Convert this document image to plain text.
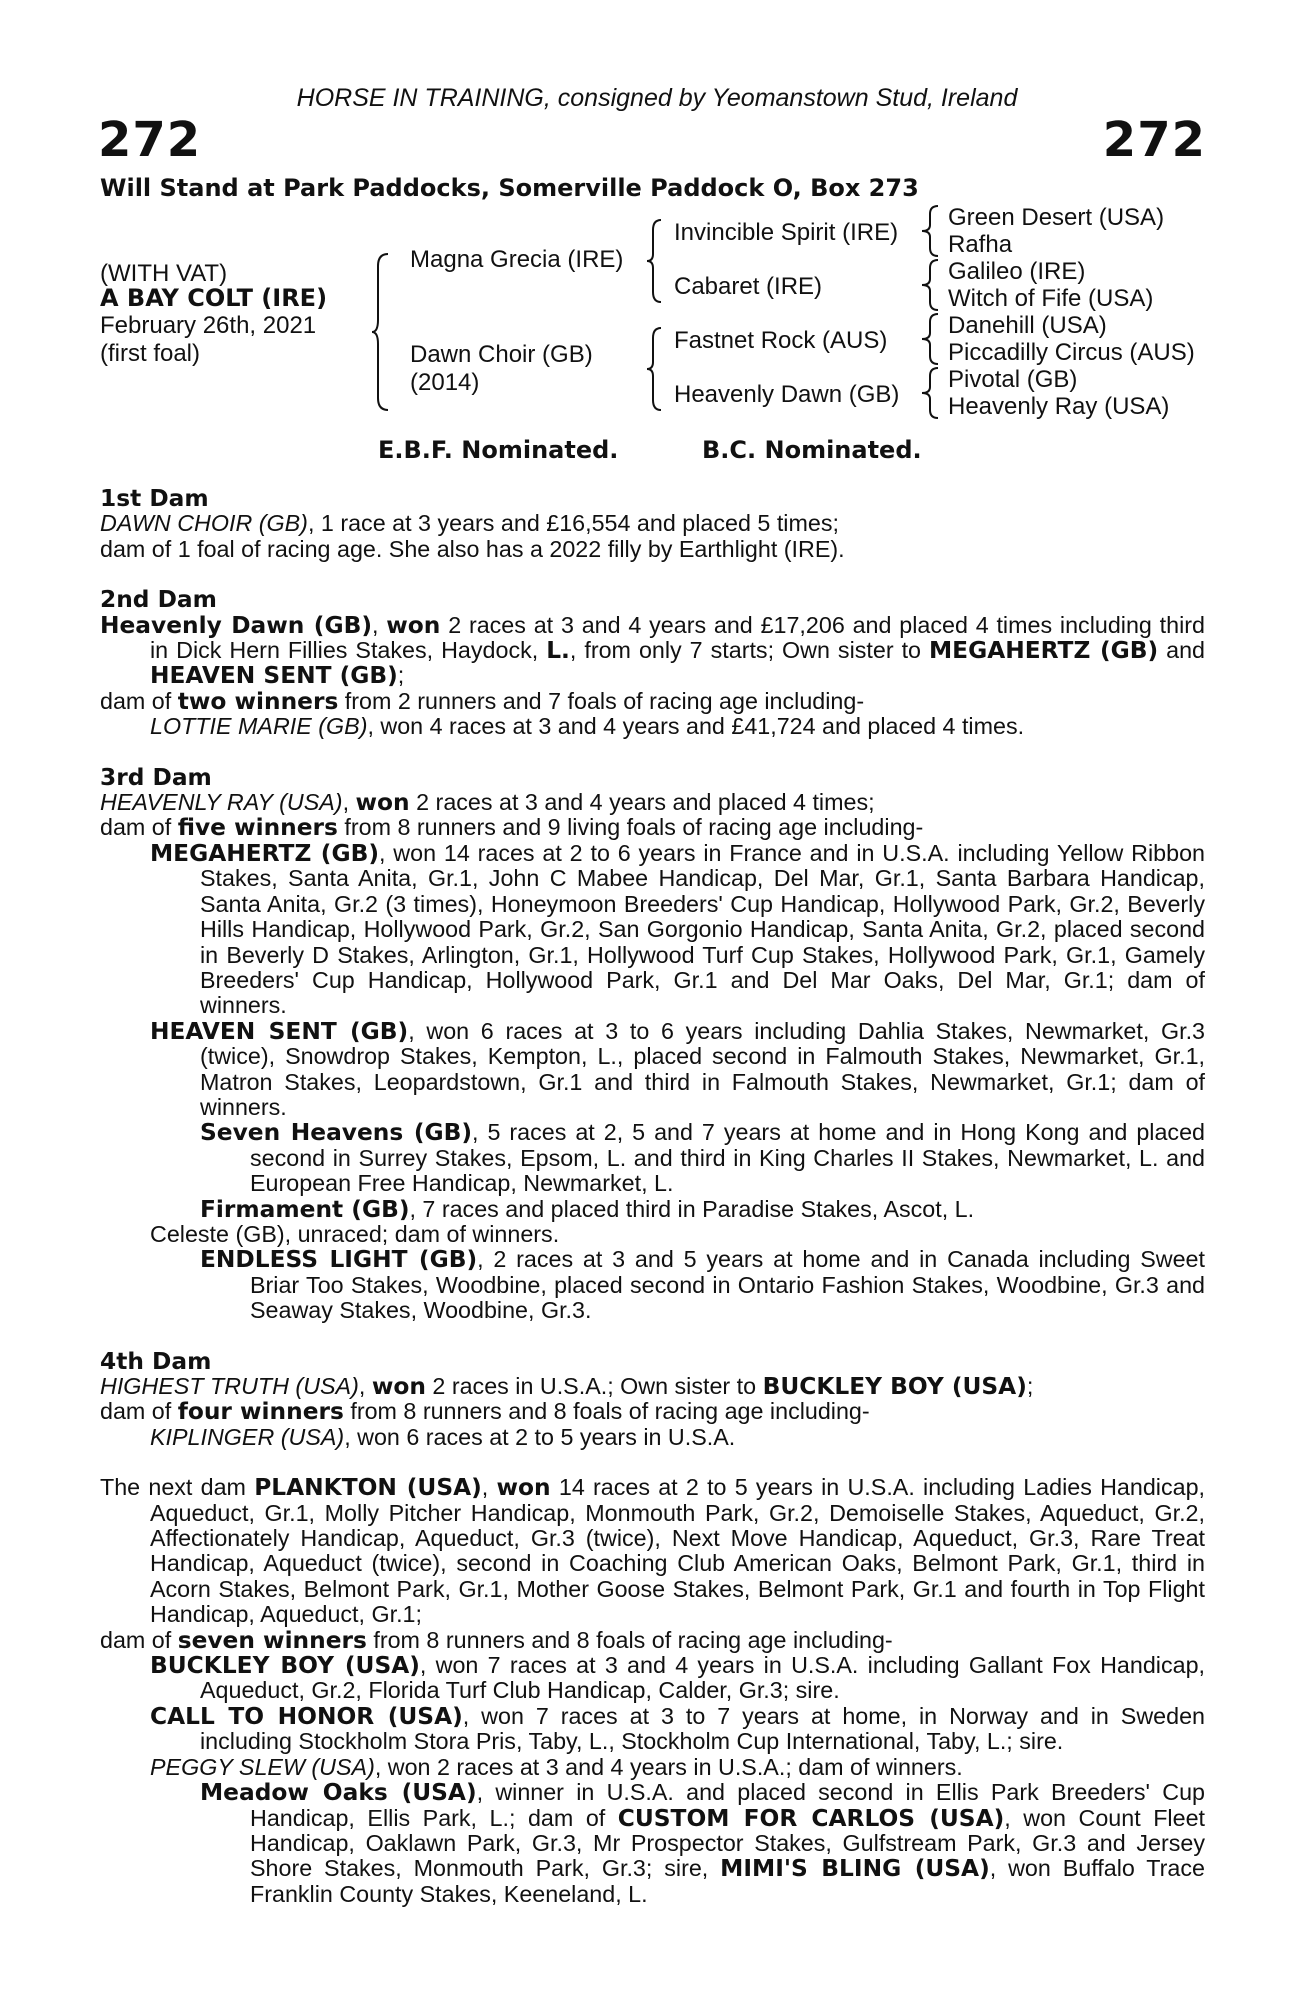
HORSE IN TRAINING, consigned by Yeomanstown Stud, Ireland
272	272
Will Stand at Park Paddocks, Somerville Paddock O, Box 273
(WITH VAT)
A BAY COLT (IRE)
February 26th, 2021
(first foal)
Magna Grecia (IRE)
Dawn Choir (GB)
(2014)
Invincible Spirit (IRE)
Cabaret (IRE)
Fastnet Rock (AUS)
Heavenly Dawn (GB)
Green Desert (USA)
Rafha
Galileo (IRE)
Witch of Fife (USA)
Danehill (USA)
Piccadilly Circus (AUS)
Pivotal (GB)
Heavenly Ray (USA)
E.B.F. Nominated.	B.C. Nominated.
1st Dam
DAWN CHOIR (GB), 1 race at 3 years and £16,554 and placed 5 times;
dam of 1 foal of racing age. She also has a 2022 filly by Earthlight (IRE).
2nd Dam
Heavenly Dawn (GB), won 2 races at 3 and 4 years and £17,206 and placed 4 times including third in Dick Hern Fillies Stakes, Haydock, L., from only 7 starts; Own sister to MEGAHERTZ (GB) and HEAVEN SENT (GB);
dam of two winners from 2 runners and 7 foals of racing age including-
LOTTIE MARIE (GB), won 4 races at 3 and 4 years and £41,724 and placed 4 times.
3rd Dam
HEAVENLY RAY (USA), won 2 races at 3 and 4 years and placed 4 times;
dam of five winners from 8 runners and 9 living foals of racing age including-
MEGAHERTZ (GB), won 14 races at 2 to 6 years in France and in U.S.A. including Yellow Ribbon Stakes, Santa Anita, Gr.1, John C Mabee Handicap, Del Mar, Gr.1, Santa Barbara Handicap, Santa Anita, Gr.2 (3 times), Honeymoon Breeders' Cup Handicap, Hollywood Park, Gr.2, Beverly Hills Handicap, Hollywood Park, Gr.2, San Gorgonio Handicap, Santa Anita, Gr.2, placed second in Beverly D Stakes, Arlington, Gr.1, Hollywood Turf Cup Stakes, Hollywood Park, Gr.1, Gamely Breeders' Cup Handicap, Hollywood Park, Gr.1 and Del Mar Oaks, Del Mar, Gr.1; dam of winners.
HEAVEN SENT (GB), won 6 races at 3 to 6 years including Dahlia Stakes, Newmarket, Gr.3 (twice), Snowdrop Stakes, Kempton, L., placed second in Falmouth Stakes, Newmarket, Gr.1, Matron Stakes, Leopardstown, Gr.1 and third in Falmouth Stakes, Newmarket, Gr.1; dam of winners.
Seven Heavens (GB), 5 races at 2, 5 and 7 years at home and in Hong Kong and placed second in Surrey Stakes, Epsom, L. and third in King Charles II Stakes, Newmarket, L. and European Free Handicap, Newmarket, L.
Firmament (GB), 7 races and placed third in Paradise Stakes, Ascot, L.
Celeste (GB), unraced; dam of winners.
ENDLESS LIGHT (GB), 2 races at 3 and 5 years at home and in Canada including Sweet Briar Too Stakes, Woodbine, placed second in Ontario Fashion Stakes, Woodbine, Gr.3 and Seaway Stakes, Woodbine, Gr.3.
4th Dam
HIGHEST TRUTH (USA), won 2 races in U.S.A.; Own sister to BUCKLEY BOY (USA);
dam of four winners from 8 runners and 8 foals of racing age including-
KIPLINGER (USA), won 6 races at 2 to 5 years in U.S.A.
The next dam PLANKTON (USA), won 14 races at 2 to 5 years in U.S.A. including Ladies Handicap, Aqueduct, Gr.1, Molly Pitcher Handicap, Monmouth Park, Gr.2, Demoiselle Stakes, Aqueduct, Gr.2, Affectionately Handicap, Aqueduct, Gr.3 (twice), Next Move Handicap, Aqueduct, Gr.3, Rare Treat Handicap, Aqueduct (twice), second in Coaching Club American Oaks, Belmont Park, Gr.1, third in Acorn Stakes, Belmont Park, Gr.1, Mother Goose Stakes, Belmont Park, Gr.1 and fourth in Top Flight Handicap, Aqueduct, Gr.1;
dam of seven winners from 8 runners and 8 foals of racing age including-
BUCKLEY BOY (USA), won 7 races at 3 and 4 years in U.S.A. including Gallant Fox Handicap, Aqueduct, Gr.2, Florida Turf Club Handicap, Calder, Gr.3; sire.
CALL TO HONOR (USA), won 7 races at 3 to 7 years at home, in Norway and in Sweden including Stockholm Stora Pris, Taby, L., Stockholm Cup International, Taby, L.; sire.
PEGGY SLEW (USA), won 2 races at 3 and 4 years in U.S.A.; dam of winners.
Meadow Oaks (USA), winner in U.S.A. and placed second in Ellis Park Breeders' Cup Handicap, Ellis Park, L.; dam of CUSTOM FOR CARLOS (USA), won Count Fleet Handicap, Oaklawn Park, Gr.3, Mr Prospector Stakes, Gulfstream Park, Gr.3 and Jersey Shore Stakes, Monmouth Park, Gr.3; sire, MIMI'S BLING (USA), won Buffalo Trace Franklin County Stakes, Keeneland, L.
